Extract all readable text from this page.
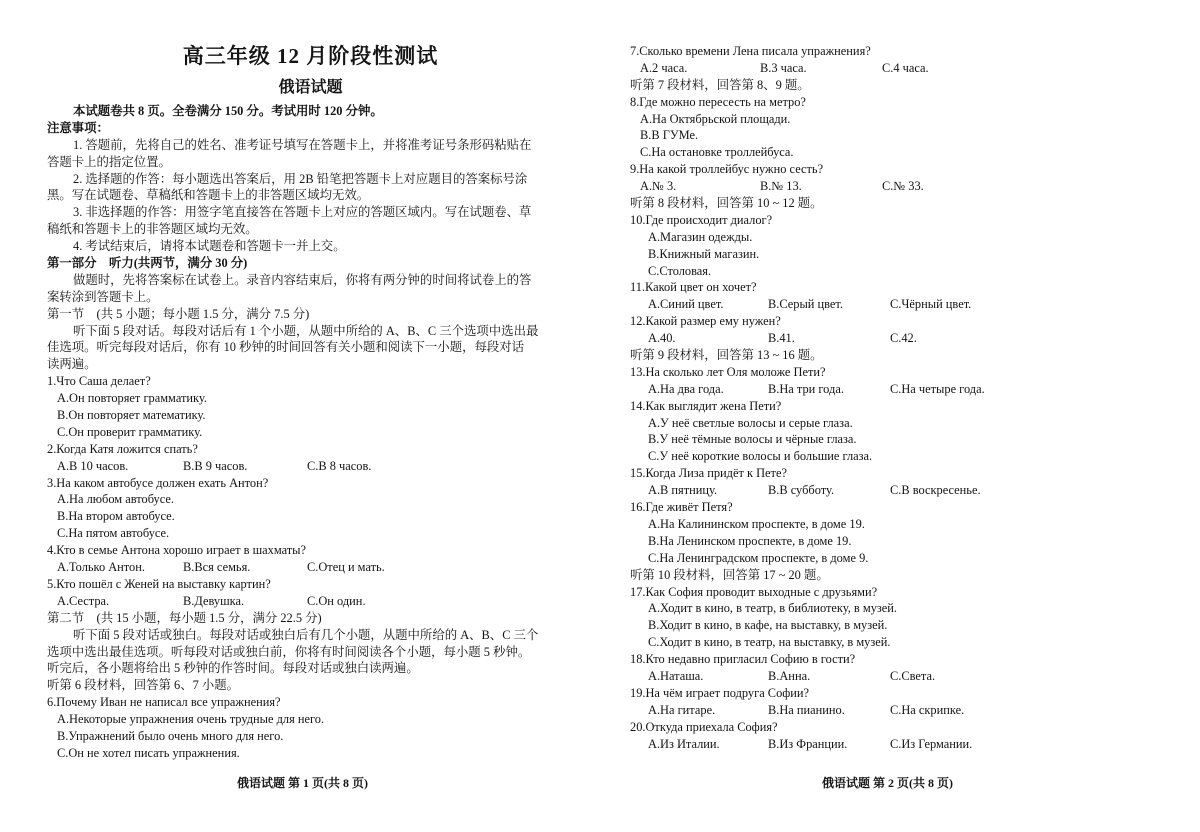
高三年级 12 月阶段性测试
俄语试题
本试题卷共 8 页。全卷满分 150 分。考试用时 120 分钟。
注意事项：
1. 答题前，先将自己的姓名、准考证号填写在答题卡上，并将准考证号条形码粘贴在
答题卡上的指定位置。
2. 选择题的作答：每小题选出答案后，用 2B 铅笔把答题卡上对应题目的答案标号涂
黑。写在试题卷、草稿纸和答题卡上的非答题区域均无效。
3. 非选择题的作答：用签字笔直接答在答题卡上对应的答题区域内。写在试题卷、草
稿纸和答题卡上的非答题区域均无效。
4. 考试结束后，请将本试题卷和答题卡一并上交。
第一部分　听力(共两节，满分 30 分)
做题时，先将答案标在试卷上。录音内容结束后，你将有两分钟的时间将试卷上的答
案转涂到答题卡上。
第一节　(共 5 小题；每小题 1.5 分，满分 7.5 分)
听下面 5 段对话。每段对话后有 1 个小题，从题中所给的 A、B、C 三个选项中选出最
佳选项。听完每段对话后，你有 10 秒钟的时间回答有关小题和阅读下一小题，每段对话
读两遍。
1.Что Саша делает?
A.Он повторяет грамматику.
B.Он повторяет математику.
C.Он проверит грамматику.
2.Когда Катя ложится спать?
A.В 10 часов.	B.В 9 часов.	C.В 8 часов.
3.На каком автобусе должен ехать Антон?
A.На любом автобусе.
B.На втором автобусе.
C.На пятом автобусе.
4.Кто в семье Антона хорошо играет в шахматы?
A.Только Антон.	B.Вся семья.	C.Отец и мать.
5.Кто пошёл с Женей на выставку картин?
A.Сестра.	B.Девушка.	C.Он один.
第二节　(共 15 小题，每小题 1.5 分，满分 22.5 分)
听下面 5 段对话或独白。每段对话或独白后有几个小题，从题中所给的 A、B、C 三个
选项中选出最佳选项。听每段对话或独白前，你将有时间阅读各个小题，每小题 5 秒钟。
听完后，各小题将给出 5 秒钟的作答时间。每段对话或独白读两遍。
听第 6 段材料，回答第 6、7 小题。
6.Почему Иван не написал все упражнения?
A.Некоторые упражнения очень трудные для него.
B.Упражнений было очень много для него.
C.Он не хотел писать упражнения.
7.Сколько времени Лена писала упражнения?
A.2 часа.	B.3 часа.	C.4 часа.
听第 7 段材料，回答第 8、9 题。
8.Где можно пересесть на метро?
A.На Октябрьской площади.
B.В ГУМе.
C.На остановке троллейбуса.
9.На какой троллейбус нужно сесть?
A.№ 3.	B.№ 13.	C.№ 33.
听第 8 段材料，回答第 10 ~ 12 题。
10.Где происходит диалог?
A.Магазин одежды.
B.Книжный магазин.
C.Столовая.
11.Какой цвет он хочет?
A.Синий цвет.	B.Серый цвет.	C.Чёрный цвет.
12.Какой размер ему нужен?
A.40.	B.41.	C.42.
听第 9 段材料，回答第 13 ~ 16 题。
13.На сколько лет Оля моложе Пети?
A.На два года.	B.На три года.	C.На четыре года.
14.Как выглядит жена Пети?
A.У неё светлые волосы и серые глаза.
B.У неё тёмные волосы и чёрные глаза.
C.У неё короткие волосы и большие глаза.
15.Когда Лиза придёт к Пете?
A.В пятницу.	B.В субботу.	C.В воскресенье.
16.Где живёт Петя?
A.На Калининском проспекте, в доме 19.
B.На Ленинском проспекте, в доме 19.
C.На Ленинградском проспекте, в доме 9.
听第 10 段材料，回答第 17 ~ 20 题。
17.Как София проводит выходные с друзьями?
A.Ходит в кино, в театр, в библиотеку, в музей.
B.Ходит в кино, в кафе, на выставку, в музей.
C.Ходит в кино, в театр, на выставку, в музей.
18.Кто недавно пригласил Софию в гости?
A.Наташа.	B.Анна.	C.Света.
19.На чём играет подруга Софии?
A.На гитаре.	B.На пианино.	C.На скрипке.
20.Откуда приехала София?
A.Из Италии.	B.Из Франции.	C.Из Германии.
俄语试题 第 1 页(共 8 页)	俄语试题 第 2 页(共 8 页)
